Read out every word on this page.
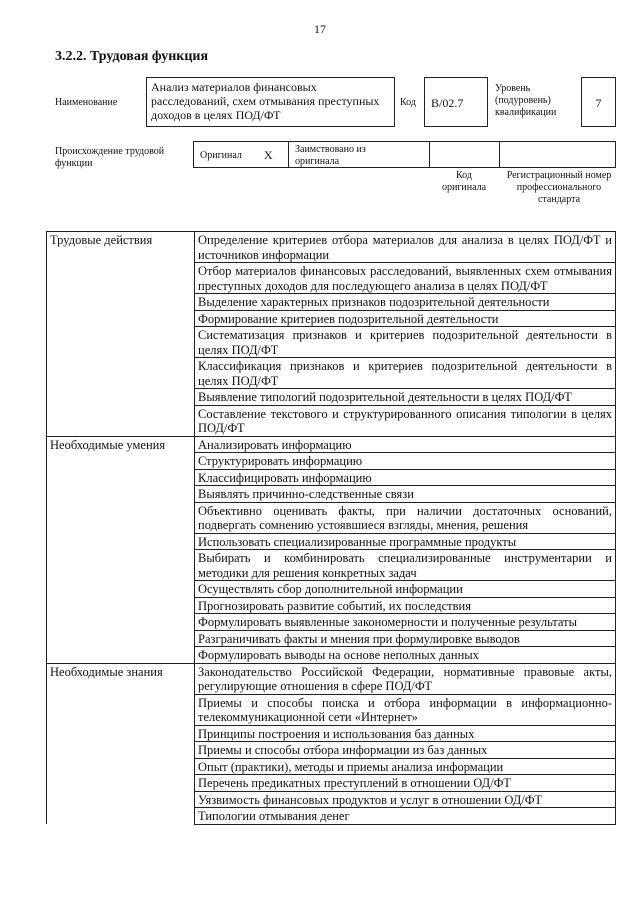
17
3.2.2. Трудовая функция
Наименование
Анализ материалов финансовых расследований, схем отмывания преступных доходов в целях ПОД/ФТ
Код	B/02.7
Уровень (подуровень) квалификации
7
Происхождение трудовой функции
Оригинал X Заимствовано из оригинала
Код оригинала
Регистрационный номер профессионального стандарта
Трудовые действия	Определение критериев отбора материалов для анализа в целях ПОД/ФТ и источников информации
	Отбор материалов финансовых расследований, выявленных схем отмывания преступных доходов для последующего анализа в целях ПОД/ФТ
	Выделение характерных признаков подозрительной деятельности
	Формирование критериев подозрительной деятельности
	Систематизация признаков и критериев подозрительной деятельности в целях ПОД/ФТ
	Классификация признаков и критериев подозрительной деятельности в целях ПОД/ФТ
	Выявление типологий подозрительной деятельности в целях ПОД/ФТ
	Составление текстового и структурированного описания типологии в целях ПОД/ФТ
Необходимые умения	Анализировать информацию
	Структурировать информацию
	Классифицировать информацию
	Выявлять причинно-следственные связи
	Объективно оценивать факты, при наличии достаточных оснований, подвергать сомнению устоявшиеся взгляды, мнения, решения
	Использовать специализированные программные продукты
	Выбирать и комбинировать специализированные инструментарии и методики для решения конкретных задач
	Осуществлять сбор дополнительной информации
	Прогнозировать развитие событий, их последствия
	Формулировать выявленные закономерности и полученные результаты
	Разграничивать факты и мнения при формулировке выводов
	Формулировать выводы на основе неполных данных
Необходимые знания	Законодательство Российской Федерации, нормативные правовые акты, регулирующие отношения в сфере ПОД/ФТ
	Приемы и способы поиска и отбора информации в информационно-телекоммуникационной сети «Интернет»
	Принципы построения и использования баз данных
	Приемы и способы отбора информации из баз данных
	Опыт (практики), методы и приемы анализа информации
	Перечень предикатных преступлений в отношении ОД/ФТ
	Уязвимость финансовых продуктов и услуг в отношении ОД/ФТ
	Типологии отмывания денег
